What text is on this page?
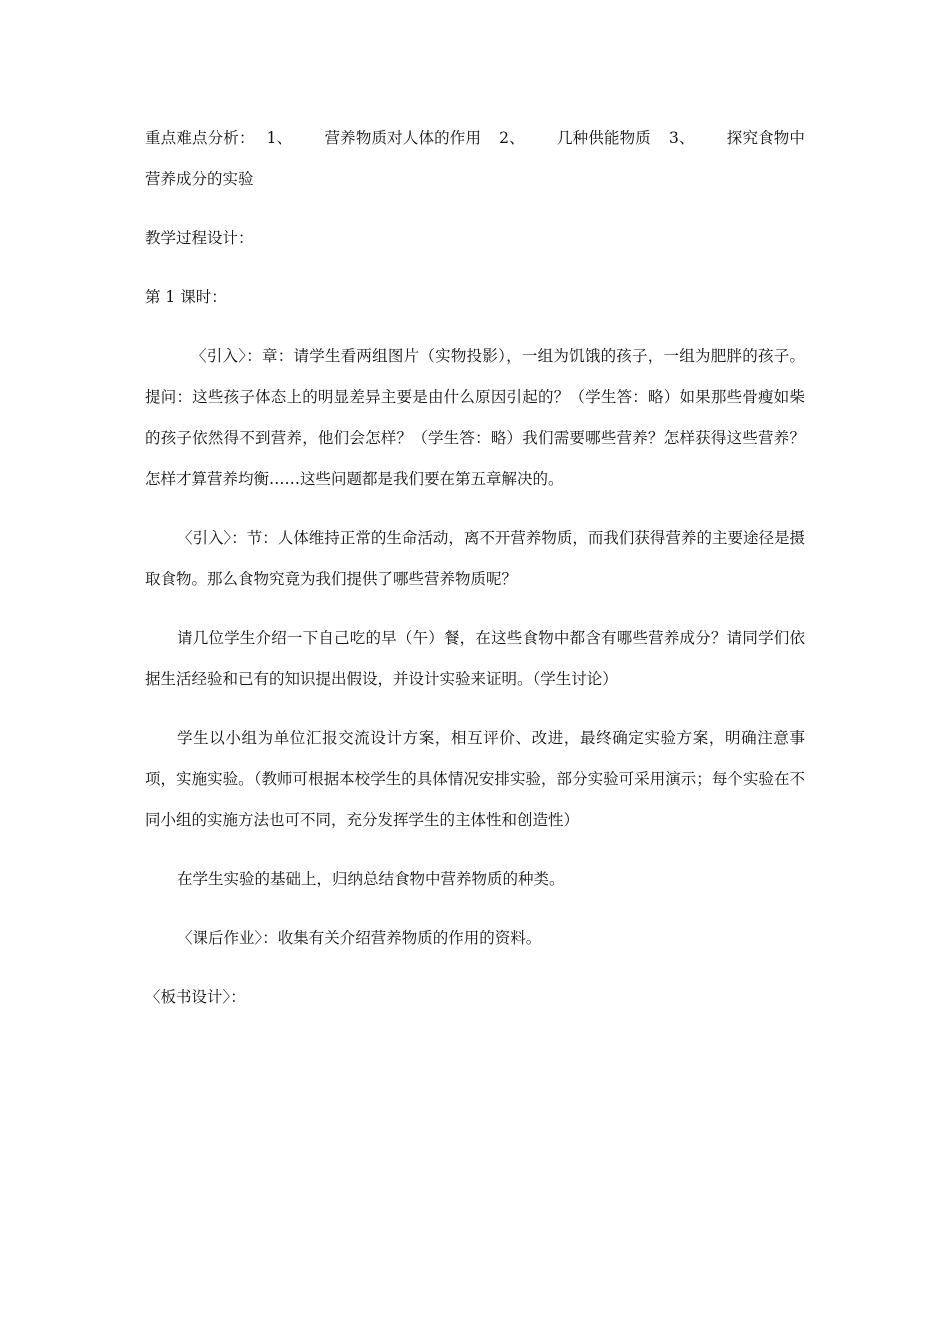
重点难点分析： 1、 营养物质对人体的作用 2、 几种供能物质 3、 探究食物中营养成分的实验

教学过程设计：

第 1 课时：

〈引入〉：章：请学生看两组图片（实物投影），一组为饥饿的孩子，一组为肥胖的孩子。提问：这些孩子体态上的明显差异主要是由什么原因引起的？（学生答：略）如果那些骨瘦如柴的孩子依然得不到营养，他们会怎样？（学生答：略）我们需要哪些营养？怎样获得这些营养？怎样才算营养均衡……这些问题都是我们要在第五章解决的。

〈引入〉：节：人体维持正常的生命活动，离不开营养物质，而我们获得营养的主要途径是摄取食物。那么食物究竟为我们提供了哪些营养物质呢？

请几位学生介绍一下自己吃的早（午）餐，在这些食物中都含有哪些营养成分？请同学们依据生活经验和已有的知识提出假设，并设计实验来证明。（学生讨论）

学生以小组为单位汇报交流设计方案，相互评价、改进，最终确定实验方案，明确注意事项，实施实验。（教师可根据本校学生的具体情况安排实验，部分实验可采用演示；每个实验在不同小组的实施方法也可不同，充分发挥学生的主体性和创造性）

在学生实验的基础上，归纳总结食物中营养物质的种类。

〈课后作业〉：收集有关介绍营养物质的作用的资料。

〈板书设计〉：
